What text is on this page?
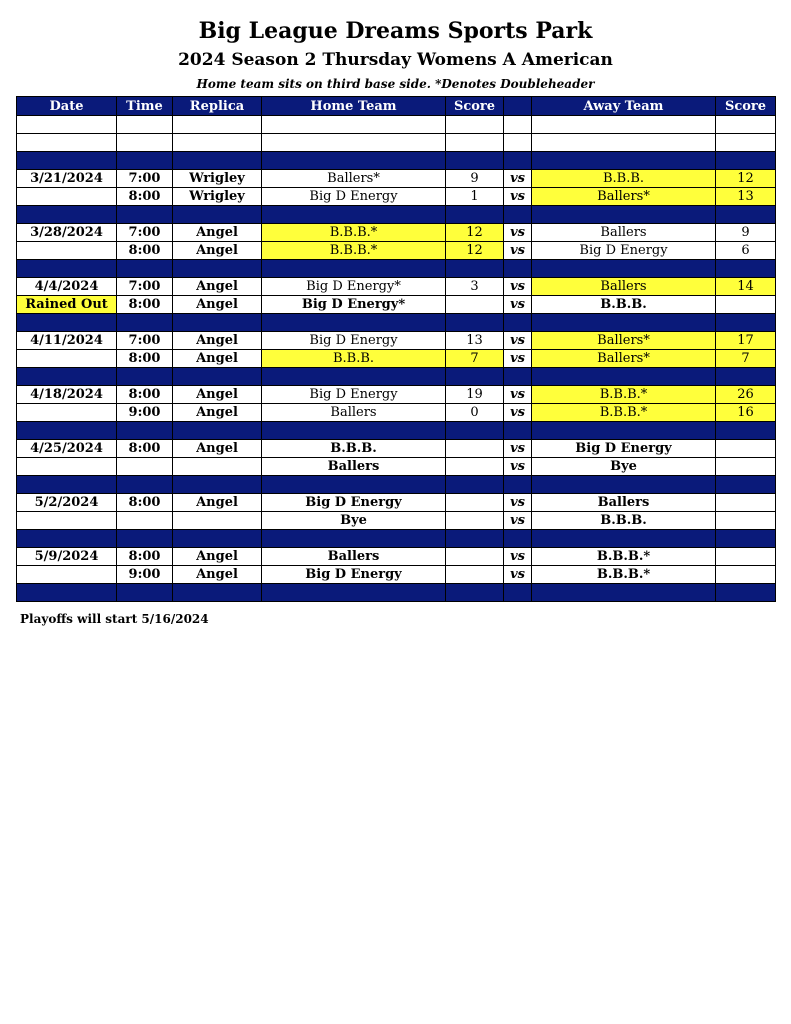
Big League Dreams Sports Park
2024 Season 2 Thursday Womens A American
Home team sits on third base side. *Denotes Doubleheader
Date	Time	Replica	Home Team	Score		Away Team	Score

3/21/2024	7:00	Wrigley	Ballers*	9	vs	B.B.B.	12
	8:00	Wrigley	Big D Energy	1	vs	Ballers*	13

3/28/2024	7:00	Angel	B.B.B.*	12	vs	Ballers	9
	8:00	Angel	B.B.B.*	12	vs	Big D Energy	6

4/4/2024	7:00	Angel	Big D Energy*	3	vs	Ballers	14
Rained Out	8:00	Angel	Big D Energy*		vs	B.B.B.	

4/11/2024	7:00	Angel	Big D Energy	13	vs	Ballers*	17
	8:00	Angel	B.B.B.	7	vs	Ballers*	7

4/18/2024	8:00	Angel	Big D Energy	19	vs	B.B.B.*	26
	9:00	Angel	Ballers	0	vs	B.B.B.*	16

4/25/2024	8:00	Angel	B.B.B.		vs	Big D Energy	
			Ballers		vs	Bye	

5/2/2024	8:00	Angel	Big D Energy		vs	Ballers	
			Bye		vs	B.B.B.	

5/9/2024	8:00	Angel	Ballers		vs	B.B.B.*	
	9:00	Angel	Big D Energy		vs	B.B.B.*	

Playoffs will start 5/16/2024
